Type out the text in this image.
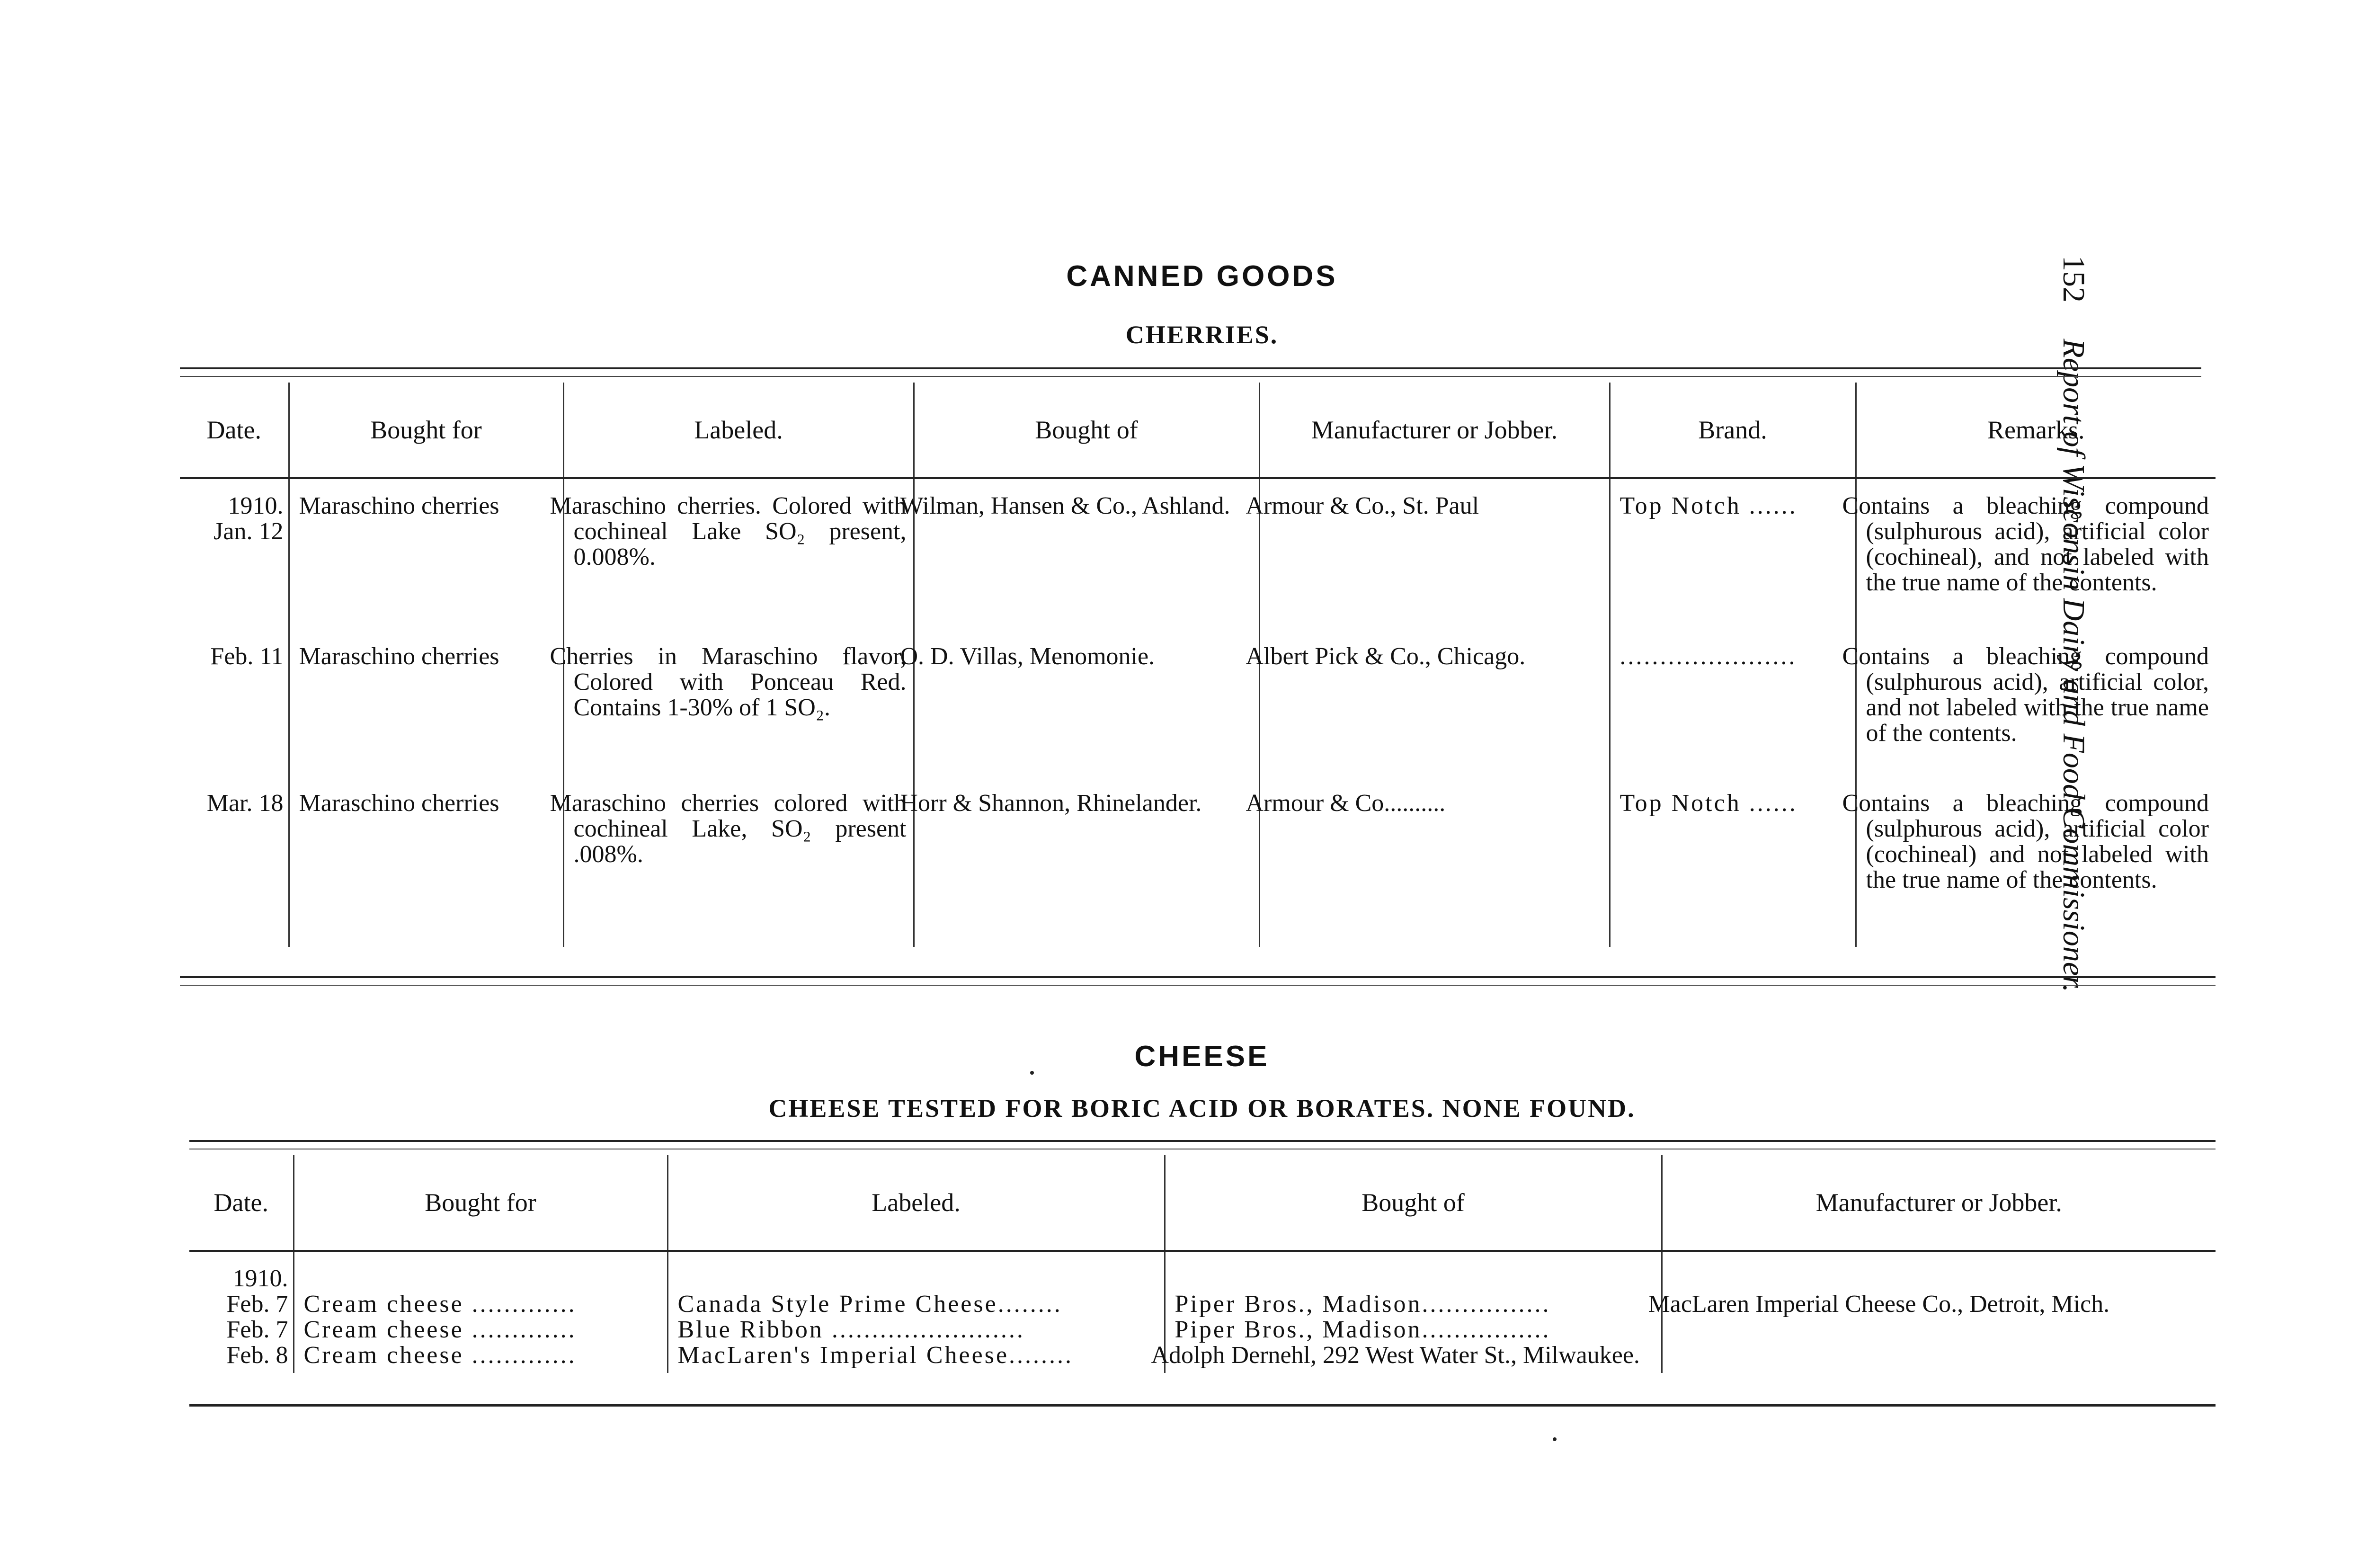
152 Report of Wisconsin Dairy and Food Commissioner.
CANNED GOODS
CHERRIES.
Date.	Bought for	Labeled.	Bought of	Manufacturer or Jobber.	Brand.	Remarks.

1910.
Jan. 12	Maraschino cherries	Maraschino cherries. Colored with cochineal Lake SO₂ present, 0.008%.	Wilman, Hansen & Co., Ashland.	Armour & Co., St. Paul	Top Notch ......	Contains a bleaching compound (sulphurous acid), artificial color (cochineal), and not labeled with the true name of the contents.
Feb. 11	Maraschino cherries	Cherries in Maraschino flavor, Colored with Ponceau Red. Contains 1-30% of 1 SO₂.	O. D. Villas, Menomonie.	Albert Pick & Co., Chicago.	......................	Contains a bleaching compound (sulphurous acid), artificial color, and not labeled with the true name of the contents.
Mar. 18	Maraschino cherries	Maraschino cherries colored with cochineal Lake, SO₂ present .008%.	Horr & Shannon, Rhinelander.	Armour & Co..........	Top Notch ......	Contains a bleaching compound (sulphurous acid), artificial color (cochineal) and not labeled with the true name of the contents.
CHEESE
CHEESE TESTED FOR BORIC ACID OR BORATES. NONE FOUND.
Date.	Bought for	Labeled.	Bought of	Manufacturer or Jobber.

1910.
Feb. 7	Cream cheese .............	Canada Style Prime Cheese........	Piper Bros., Madison................	MacLaren Imperial Cheese Co., Detroit, Mich.
Feb. 7	Cream cheese .............	Blue Ribbon ........................	Piper Bros., Madison................	
Feb. 8	Cream cheese .............	MacLaren's Imperial Cheese........	Adolph Dernehl, 292 West Water St., Milwaukee.	
